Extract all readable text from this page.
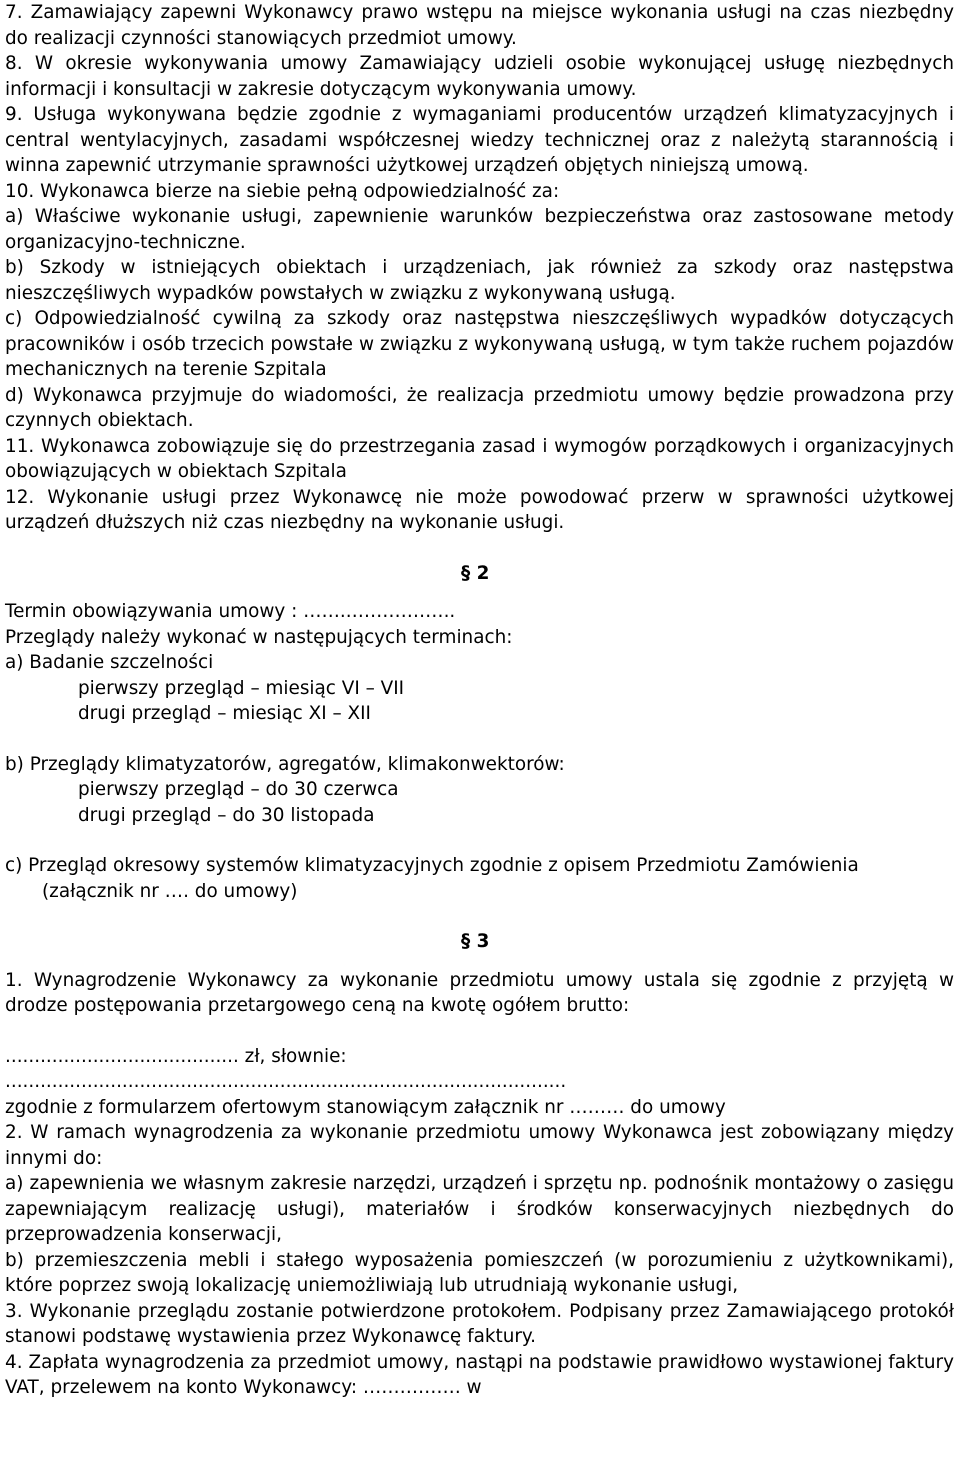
7. Zamawiający zapewni Wykonawcy prawo wstępu na miejsce wykonania usługi na czas niezbędny do realizacji czynności stanowiących przedmiot umowy.

8. W okresie wykonywania umowy Zamawiający udzieli osobie wykonującej usługę niezbędnych informacji i konsultacji w zakresie dotyczącym wykonywania umowy.

9. Usługa wykonywana będzie zgodnie z wymaganiami producentów urządzeń klimatyzacyjnych i central wentylacyjnych, zasadami współczesnej wiedzy technicznej oraz z należytą starannością i winna zapewnić utrzymanie sprawności użytkowej urządzeń objętych niniejszą umową.

10. Wykonawca bierze na siebie pełną odpowiedzialność za:

a) Właściwe wykonanie usługi, zapewnienie warunków bezpieczeństwa oraz zastosowane metody organizacyjno-techniczne.

b) Szkody w istniejących obiektach i urządzeniach, jak również za szkody oraz następstwa nieszczęśliwych wypadków powstałych w związku z wykonywaną usługą.

c) Odpowiedzialność cywilną za szkody oraz następstwa nieszczęśliwych wypadków dotyczących pracowników i osób trzecich powstałe w związku z wykonywaną usługą, w tym także ruchem pojazdów mechanicznych na terenie Szpitala

d) Wykonawca przyjmuje do wiadomości, że realizacja przedmiotu umowy będzie prowadzona przy czynnych obiektach.

11. Wykonawca zobowiązuje się do przestrzegania zasad i wymogów porządkowych i organizacyjnych obowiązujących w obiektach Szpitala

12. Wykonanie usługi przez Wykonawcę nie może powodować przerw w sprawności użytkowej urządzeń dłuższych niż czas niezbędny na wykonanie usługi.

§ 2

Termin obowiązywania umowy : ……..……………..

Przeglądy należy wykonać w następujących terminach:

a) Badanie szczelności

pierwszy przegląd – miesiąc VI – VII

drugi przegląd – miesiąc XI – XII

b) Przeglądy klimatyzatorów, agregatów, klimakonwektorów:

pierwszy przegląd – do 30 czerwca

drugi przegląd – do 30 listopada

c) Przegląd okresowy systemów klimatyzacyjnych zgodnie z opisem Przedmiotu Zamówienia (załącznik nr …. do umowy)

§ 3

1. Wynagrodzenie Wykonawcy za wykonanie przedmiotu umowy ustala się zgodnie z przyjętą w drodze postępowania przetargowego ceną na kwotę ogółem brutto:

........................................ zł, słownie:

................................................................................................

zgodnie z formularzem ofertowym stanowiącym załącznik nr ……… do umowy

2. W ramach wynagrodzenia za wykonanie przedmiotu umowy Wykonawca jest zobowiązany między innymi do:

a) zapewnienia we własnym zakresie narzędzi, urządzeń i sprzętu np. podnośnik montażowy o zasięgu zapewniającym realizację usługi), materiałów i środków konserwacyjnych niezbędnych do przeprowadzenia konserwacji,

b) przemieszczenia mebli i stałego wyposażenia pomieszczeń (w porozumieniu z użytkownikami), które poprzez swoją lokalizację uniemożliwiają lub utrudniają wykonanie usługi,

3. Wykonanie przeglądu zostanie potwierdzone protokołem. Podpisany przez Zamawiającego protokół stanowi podstawę wystawienia przez Wykonawcę faktury.

4. Zapłata wynagrodzenia za przedmiot umowy, nastąpi na podstawie prawidłowo wystawionej faktury VAT, przelewem na konto Wykonawcy: ……………. w
